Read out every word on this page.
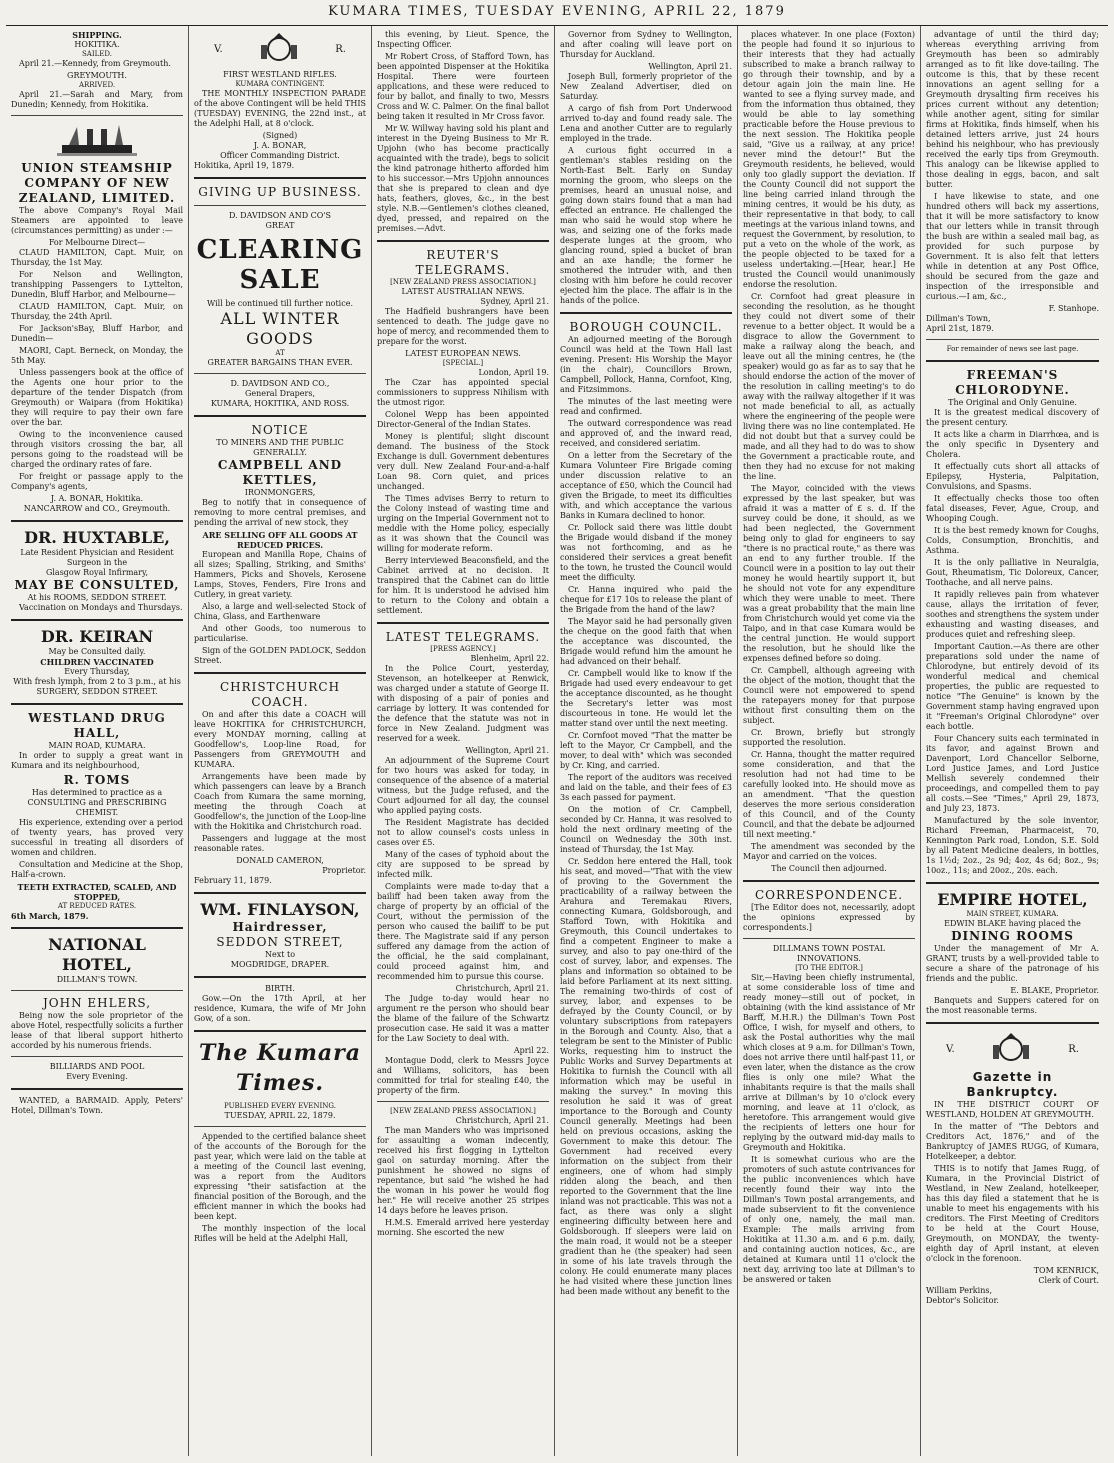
KUMARA TIMES, TUESDAY EVENING, APRIL 22, 1879
SHIPPING.
HOKITIKA.
SAILED.

April 21.—Kennedy, from Greymouth.

GREYMOUTH.
ARRIVED.

April 21.—Sarah and Mary, from Dunedin; Kennedy, from Hokitika.

UNION STEAMSHIP COMPANY OF NEW ZEALAND, LIMITED.

The above Company's Royal Mail Steamers are appointed to leave (circumstances permitting) as under :—

For Melbourne Direct—

CLAUD HAMILTON, Capt. Muir, on Thursday, the 1st May.

For Nelson and Wellington, transhipping Passengers to Lyttelton, Dunedin, Bluff Harbor, and Melbourne—

CLAUD HAMILTON, Capt. Muir, on Thursday, the 24th April.

For Jackson'sBay, Bluff Harbor, and Dunedin—

MAORI, Capt. Berneck, on Monday, the 5th May.

Unless passengers book at the office of the Agents one hour prior to the departure of the tender Dispatch (from Greymouth) or Waipara (from Hokitika) they will require to pay their own fare over the bar.

Owing to the inconvenience caused through visitors crossing the bar, all persons going to the roadstead will be charged the ordinary rates of fare.

For freight or passage apply to the Company's agents,

J. A. BONAR, Hokitika.
NANCARROW and CO., Greymouth.
DR. HUXTABLE,
Late Resident Physician and Resident Surgeon in the
Glasgow Royal Infirmary,
MAY BE CONSULTED,
At his ROOMS, SEDDON STREET.

Vaccination on Mondays and Thursdays.

DR. KEIRAN
May be Consulted daily.
CHILDREN VACCINATED
Every Thursday,
With fresh lymph, from 2 to 3 p.m., at his
SURGERY, SEDDON STREET.
WESTLAND DRUG HALL,
MAIN ROAD, KUMARA.

In order to supply a great want in Kumara and its neighbourhood,

R. TOMS
Has determined to practice as a CONSULTING and PRESCRIBING CHEMIST.

His experience, extending over a period of twenty years, has proved very successful in treating all disorders of women and children.

Consultation and Medicine at the Shop, Half-a-crown.

TEETH EXTRACTED, SCALED, AND STOPPED,
AT REDUCED RATES.
6th March, 1879.
NATIONAL HOTEL,
DILLMAN'S TOWN.
JOHN EHLERS,

Being now the sole proprietor of the above Hotel, respectfully solicits a further lease of that liberal support hitherto accorded by his numerous friends.

BILLIARDS AND POOL
Every Evening.

WANTED, a BARMAID. Apply, Peters' Hotel, Dillman's Town.

V.	R.
FIRST WESTLAND RIFLES.
KUMARA CONTINGENT.

THE MONTHLY INSPECTION PARADE of the above Contingent will be held THIS (TUESDAY) EVENING, the 22nd inst., at the Adelphi Hall, at 8 o'clock.

(Signed)
J. A. BONAR,
Officer Commanding District.
Hokitika, April 19, 1879.
GIVING UP BUSINESS.
D. DAVIDSON AND CO'S
GREAT
CLEARING SALE
Will be continued till further notice.
ALL WINTER GOODS
AT
GREATER BARGAINS THAN EVER.
D. DAVIDSON AND CO.,
General Drapers,
KUMARA, HOKITIKA, AND ROSS.
NOTICE
TO MINERS AND THE PUBLIC GENERALLY.
CAMPBELL AND KETTLES,
IRONMONGERS,

Beg to notify that in consequence of removing to more central premises, and pending the arrival of new stock, they

ARE SELLING OFF ALL GOODS AT REDUCED PRICES.

European and Manilla Rope, Chains of all sizes; Spalling, Striking, and Smiths' Hammers, Picks and Shovels, Kerosene Lamps, Stoves, Fenders, Fire Irons and Cutlery, in great variety.

Also, a large and well-selected Stock of China, Glass, and Earthenware

And other Goods, too numerous to particularise.

Sign of the GOLDEN PADLOCK, Seddon Street.

CHRISTCHURCH COACH.

On and after this date a COACH will leave HOKITIKA for CHRISTCHURCH, every MONDAY morning, calling at Goodfellow's, Loop-line Road, for Passengers from GREYMOUTH and KUMARA.

Arrangements have been made by which passengers can leave by a Branch Coach from Kumara the same morning, meeting the through Coach at Goodfellow's, the junction of the Loop-line with the Hokitika and Christchurch road.

Passengers and luggage at the most reasonable rates.

DONALD CAMERON,
Proprietor.
February 11, 1879.
WM. FINLAYSON,
Hairdresser,
SEDDON STREET,
Next to
MOGDRIDGE, DRAPER.
BIRTH.

Gow.—On the 17th April, at her residence, Kumara, the wife of Mr John Gow, of a son.

The Kumara Times.
PUBLISHED EVERY EVENING.
TUESDAY, APRIL 22, 1879.

Appended to the certified balance sheet of the accounts of the Borough for the past year, which were laid on the table at a meeting of the Council last evening, was a report from the Auditors expressing "their satisfaction at the financial position of the Borough, and the efficient manner in which the books had been kept.

The monthly inspection of the local Rifles will be held at the Adelphi Hall,

this evening, by Lieut. Spence, the Inspecting Officer.

Mr Robert Cross, of Stafford Town, has been appointed Dispenser at the Hokitika Hospital. There were fourteen applications, and these were reduced to four by ballot, and finally to two, Messrs Cross and W. C. Palmer. On the final ballot being taken it resulted in Mr Cross favor.

Mr W. Willway having sold his plant and interest in the Dyeing Business to Mr R. Upjohn (who has become practically acquainted with the trade), begs to solicit the kind patronage hitherto afforded him to his successor.—Mrs Upjohn announces that she is prepared to clean and dye hats, feathers, gloves, &c., in the best style. N.B.—Gentlemen's clothes cleaned, dyed, pressed, and repaired on the premises.—Advt.

REUTER'S TELEGRAMS.
[NEW ZEALAND PRESS ASSOCIATION.]
LATEST AUSTRALIAN NEWS.
Sydney, April 21.

The Hadfield bushrangers have been sentenced to death. The judge gave no hope of mercy, and recommended them to prepare for the worst.

LATEST EUROPEAN NEWS.
[SPECIAL.]
London, April 19.

The Czar has appointed special commissioners to suppress Nihilism with the utmost rigor.

Colonel Wepp has been appointed Director-General of the Indian States.

Money is plentiful; slight discount demand. The business of the Stock Exchange is dull. Government debentures very dull. New Zealand Four-and-a-half Loan 98. Corn quiet, and prices unchanged.

The Times advises Berry to return to the Colony instead of wasting time and urging on the Imperial Government not to meddle with the Home policy, especially as it was shown that the Council was willing for moderate reform.

Berry interviewed Beaconsfield, and the Cabinet arrived at no decision. It transpired that the Cabinet can do little for him. It is understood he advised him to return to the Colony and obtain a settlement.

LATEST TELEGRAMS.
[PRESS AGENCY.]
Blenheim, April 22.

In the Police Court, yesterday, Stevenson, an hotelkeeper at Renwick, was charged under a statute of George II. with disposing of a pair of ponies and carriage by lottery. It was contended for the defence that the statute was not in force in New Zealand. Judgment was reserved for a week.

Wellington, April 21.

An adjournment of the Supreme Court for two hours was asked for today, in consequence of the absence of a material witness, but the Judge refused, and the Court adjourned for all day, the counsel who applied paying costs.

The Resident Magistrate has decided not to allow counsel's costs unless in cases over £5.

Many of the cases of typhoid about the city are supposed to be spread by infected milk.

Complaints were made to-day that a bailiff had been taken away from the charge of property by an official of the Court, without the permission of the person who caused the bailiff to be put there. The Magistrate said if any person suffered any damage from the action of the official, he the said complainant, could proceed against him, and recommended him to pursue this course.

Christchurch, April 21.

The Judge to-day would hear no argument re the person who should bear the blame of the failure of the Schwartz prosecution case. He said it was a matter for the Law Society to deal with.

April 22.

Montague Dodd, clerk to Messrs Joyce and Williams, solicitors, has been committed for trial for stealing £40, the property of the firm.

[NEW ZEALAND PRESS ASSOCIATION.]
Christchurch, April 21.

The man Manders who was imprisoned for assaulting a woman indecently, received his first flogging in Lyttelton gaol on saturday morning. After the punishment he showed no signs of repentance, but said "he wished he had the woman in his power he would flog her." He will receive another 25 stripes 14 days before he leaves prison.

H.M.S. Emerald arrived here yesterday morning. She escorted the new

Governor from Sydney to Wellington, and after coaling will leave port on Thursday for Auckland.

Wellington, April 21.

Joseph Bull, formerly proprietor of the New Zealand Advertiser, died on Saturday.

A cargo of fish from Port Underwood arrived to-day and found ready sale. The Lena and another Cutter are to regularly employed in the trade.

A curious fight occurred in a gentleman's stables residing on the North-East Belt. Early on Sunday morning the groom, who sleeps on the premises, heard an unusual noise, and going down stairs found that a man had effected an entrance. He challenged the man who said he would stop where he was, and seizing one of the forks made desperate lunges at the groom, who glancing round, spied a bucket of bran and an axe handle; the former he smothered the intruder with, and then closing with him before he could recover ejected him the place. The affair is in the hands of the police.

BOROUGH COUNCIL.

An adjourned meeting of the Borough Council was held at the Town Hall last evening. Present: His Worship the Mayor (in the chair), Councillors Brown, Campbell, Pollock, Hanna, Cornfoot, King, and Fitzsimmons.

The minutes of the last meeting were read and confirmed.

The outward correspondence was read and approved of, and the inward read, received, and considered seriatim.

On a letter from the Secretary of the Kumara Volunteer Fire Brigade coming under discussion relative to an acceptance of £50, which the Council had given the Brigade, to meet its difficulties with, and which acceptance the various Banks in Kumara declined to honor.

Cr. Pollock said there was little doubt the Brigade would disband if the money was not forthcoming, and as he considered their services a great benefit to the town, he trusted the Council would meet the difficulty.

Cr. Hanna inquired who paid the cheque for £17 10s to release the plant of the Brigade from the hand of the law?

The Mayor said he had personally given the cheque on the good faith that when the acceptance was discounted, the Brigade would refund him the amount he had advanced on their behalf.

Cr. Campbell would like to know if the Brigade had used every endeavour to get the acceptance discounted, as he thought the Secretary's letter was most discourteous in tone. He would let the matter stand over until the next meeting.

Cr. Cornfoot moved "That the matter be left to the Mayor, Cr Campbell, and the mover, to deal with" which was seconded by Cr. King, and carried.

The report of the auditors was received and laid on the table, and their fees of £3 3s each passed for payment.

On the motion of Cr. Campbell, seconded by Cr. Hanna, it was resolved to hold the next ordinary meeting of the Council on Wednesday the 30th inst. instead of Thursday, the 1st May.

Cr. Seddon here entered the Hall, took his seat, and moved—"That with the view of proving to the Government the practicability of a railway between the Arahura and Teremakau Rivers, connecting Kumara, Goldsborough, and Stafford Town, with Hokitika and Greymouth, this Council undertakes to find a competent Engineer to make a survey, and also to pay one-third of the cost of survey, labor, and expenses. The plans and information so obtained to be laid before Parliament at its next sitting. The remaining two-thirds of cost of survey, labor, and expenses to be defrayed by the County Council, or by voluntary subscriptions from ratepayers in the Borough and County. Also, that a telegram be sent to the Minister of Public Works, requesting him to instruct the Public Works and Survey Departments at Hokitika to furnish the Council with all information which may be useful in making the survey." In moving this resolution he said it was of great importance to the Borough and County Council generally. Meetings had been held on previous occasions, asking the Government to make this detour. The Government had received every information on the subject from their engineers, one of whom had simply ridden along the beach, and then reported to the Government that the line inland was not practicable. This was not a fact, as there was only a slight engineering difficulty between here and Goldsborough. If sleepers were laid on the main road, it would not be a steeper gradient than he (the speaker) had seen in some of his late travels through the colony. He could enumerate many places he had visited where these junction lines had been made without any benefit to the

places whatever. In one place (Foxton) the people had found it so injurious to their interests that they had actually subscribed to make a branch railway to go through their township, and by a detour again join the main line. He wanted to see a flying survey made, and from the information thus obtained, they would be able to lay something practicable before the House previous to the next session. The Hokitika people said, "Give us a railway, at any price! never mind the detour!" But the Greymouth residents, he believed, would only too gladly support the deviation. If the County Council did not support the line being carried inland through the mining centres, it would be his duty, as their representative in that body, to call meetings at the various inland towns, and request the Government, by resolution, to put a veto on the whole of the work, as the people objected to be taxed for a useless undertaking.—[Hear, hear.] He trusted the Council would unanimously endorse the resolution.

Cr. Cornfoot had great pleasure in seconding the resolution, as he thought they could not divert some of their revenue to a better object. It would be a disgrace to allow the Government to make a railway along the beach, and leave out all the mining centres, he (the speaker) would go as far as to say that he should endorse the action of the mover of the resolution in calling meeting's to do away with the railway altogether if it was not made beneficial to all, as actually where the engineering of the people were living there was no line contemplated. He did not doubt but that a survey could be made, and all they had to do was to show the Government a practicable route, and then they had no excuse for not making the line.

The Mayor, coincided with the views expressed by the last speaker, but was afraid it was a matter of £ s. d. If the survey could be done, it should, as we had been neglected, the Government being only to glad for engineers to say "there is no practical route," as there was an end to any further trouble. If the Council were in a position to lay out their money he would heartily support it, but he should not vote for any expenditure which they were unable to meet. There was a great probability that the main line from Christchurch would yet come via the Taipo, and in that case Kumara would be the central junction. He would support the resolution, but he should like the expenses defined before so doing.

Cr. Campbell, although agreeing with the object of the motion, thought that the Council were not empowered to spend the ratepayers money for that purpose without first consulting them on the subject.

Cr. Brown, briefly but strongly supported the resolution.

Cr. Hanna, thought the matter required some consideration, and that the resolution had not had time to be carefully looked into. He should move as an amendment. "That the question deserves the more serious consideration of this Council, and of the County Council, and that the debate be adjourned till next meeting."

The amendment was seconded by the Mayor and carried on the voices.

The Council then adjourned.
CORRESPONDENCE.

[The Editor does not, necessarily, adopt the opinions expressed by correspondents.]

DILLMANS TOWN POSTAL INNOVATIONS.
[TO THE EDITOR.]

Sir,—Having been chiefly instrumental, at some considerable loss of time and ready money—still out of pocket, in obtaining (with the kind assistance of Mr Barff, M.H.R.) the Dillman's Town Post Office, I wish, for myself and others, to ask the Postal authorities why the mail which closes at 9 a.m. for Dillman's Town, does not arrive there until half-past 11, or even later, when the distance as the crow flies is only one mile? What the inhabitants require is that the mails shall arrive at Dillman's by 10 o'clock every morning, and leave at 11 o'clock, as heretofore. This arrangement would give the recipients of letters one hour for replying by the outward mid-day mails to Greymouth and Hokitika.

It is somewhat curious who are the promoters of such astute contrivances for the public inconveniences which have recently found their way into the Dillman's Town postal arrangements, and made subservient to fit the convenience of only one, namely, the mail man. Example: The mails arriving from Hokitika at 11.30 a.m. and 6 p.m. daily, and containing auction notices, &c., are detained at Kumara until 11 o'clock the next day, arriving too late at Dillman's to be answered or taken

advantage of until the third day; whereas everything arriving from Greymouth has been so admirably arranged as to fit like dove-tailing. The outcome is this, that by these recent innovations an agent selling for a Greymouth drysalting firm receives his prices current without any detention; while another agent, siting for similar firms at Hokitika, finds himself, when his detained letters arrive, just 24 hours behind his neighbour, who has previously received the early tips from Greymouth. This analogy can be likewise applied to those dealing in eggs, bacon, and salt butter.

I have likewise to state, and one hundred others will back my assertions, that it will be more satisfactory to know that our letters while in transit through the bush are within a sealed mail bag, as provided for such purpose by Government. It is also felt that letters while in detention at any Post Office, should be secured from the gaze and inspection of the irresponsible and curious.—I am, &c.,

F. Stanhope.
Dillman's Town,
April 21st, 1879.
For remainder of news see last page.
FREEMAN'S CHLORODYNE.
The Original and Only Genuine.

It is the greatest medical discovery of the present century.

It acts like a charm in Diarrhœa, and is the only specific in Dysentery and Cholera.

It effectually cuts short all attacks of Epilepsy, Hysteria, Palpitation, Convulsions, and Spasms.

It effectually checks those too often fatal diseases, Fever, Ague, Croup, and Whooping Cough.

It is the best remedy known for Coughs, Colds, Consumption, Bronchitis, and Asthma.

It is the only palliative in Neuralgia, Gout, Rheumatism, Tic Doloreux, Cancer, Toothache, and all nerve pains.

It rapidly relieves pain from whatever cause, allays the irritation of fever, soothes and strengthens the system under exhausting and wasting diseases, and produces quiet and refreshing sleep.

Important Caution.—As there are other preparations sold under the name of Chlorodyne, but entirely devoid of its wonderful medical and chemical properties, the public are requested to notice "The Genuine" is known by the Government stamp having engraved upon it "Freeman's Original Chlorodyne" over each bottle.

Four Chancery suits each terminated in its favor, and against Brown and Davenport, Lord Chancellor Selborne, Lord Justice James, and Lord Justice Mellish severely condemned their proceedings, and compelled them to pay all costs.—See "Times," April 29, 1873, and July 23, 1873.

Manufactured by the sole inventor, Richard Freeman, Pharmaceist, 70, Kennington Park road, London, S.E. Sold by all Patent Medicine dealers, in bottles, 1s 1½d; 2oz., 2s 9d; 4oz, 4s 6d; 8oz., 9s; 10oz., 11s; and 20oz., 20s. each.

EMPIRE HOTEL,
MAIN STREET, KUMARA.
EDWIN BLAKE having placed the
DINING ROOMS

Under the management of Mr A. GRANT, trusts by a well-provided table to secure a share of the patronage of his friends and the public.

E. BLAKE, Proprietor.

Banquets and Suppers catered for on the most reasonable terms.

V.	R.
Gazette in Bankruptcy.

IN THE DISTRICT COURT OF WESTLAND, HOLDEN AT GREYMOUTH.

In the matter of "The Debtors and Creditors Act, 1876," and of the Bankruptcy of JAMES RUGG, of Kumara, Hotelkeeper, a debtor.

THIS is to notify that James Rugg, of Kumara, in the Provincial District of Westland, in New Zealand, hotelkeeper, has this day filed a statement that he is unable to meet his engagements with his creditors. The First Meeting of Creditors to be held at the Court House, Greymouth, on MONDAY, the twenty-eighth day of April instant, at eleven o'clock in the forenoon.

TOM KENRICK,
Clerk of Court.
William Perkins,
Debtor's Solicitor.
